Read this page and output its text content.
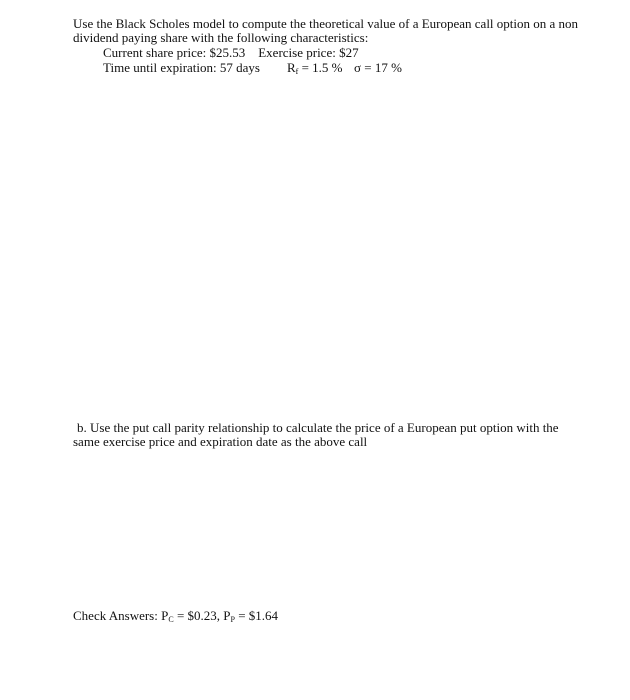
Use the Black Scholes model to compute the theoretical value of a European call option on a non
dividend paying share with the following characteristics:
Current share price: $25.53 Exercise price: $27
Time until expiration: 57 days $R_f = 1.5$ % σ = 17 %
b. Use the put call parity relationship to calculate the price of a European put option with the
same exercise price and expiration date as the above call
Check Answers: $P_C$ = $0.23, $P_P$ = $1.64
